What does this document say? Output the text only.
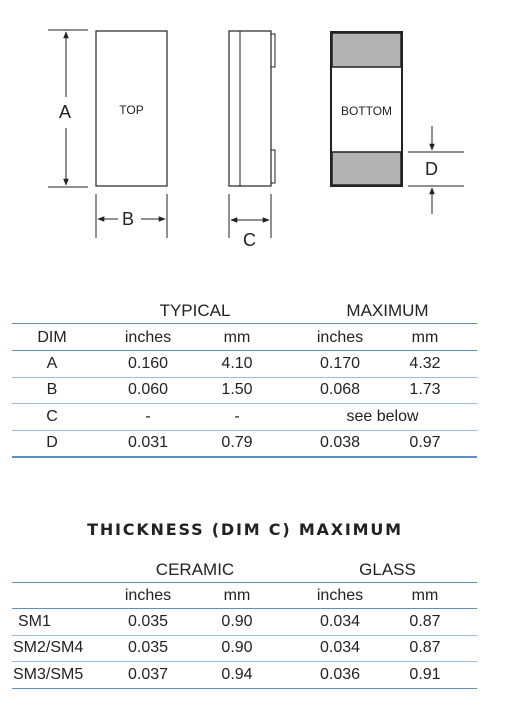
A	TOP
B
C
BOTTOM
D
TYPICAL	MAXIMUM
DIM	inches	mm	inches	mm
A	0.160	4.10	0.170	4.32
B	0.060	1.50	0.068	1.73
C	-	-	see below
D	0.031	0.79	0.038	0.97
THICKNESS (DIM C) MAXIMUM
CERAMIC	GLASS
inches	mm	inches	mm
SM1	0.035	0.90	0.034	0.87
SM2/SM4	0.035	0.90	0.034	0.87
SM3/SM5	0.037	0.94	0.036	0.91
